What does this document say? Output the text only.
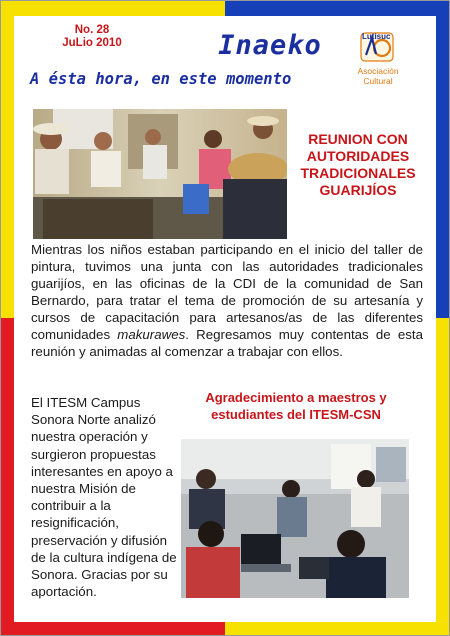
No. 28
JuLio 2010	Inaeko
A ésta hora, en este momento
Lutisuc
Asociación Cultural
REUNION CON AUTORIDADES TRADICIONALES GUARIJÍOS
Mientras los niños estaban participando en el inicio del taller de pintura, tuvimos una junta con las autoridades tradicionales guarijíos, en las oficinas de la CDI de la comunidad de San Bernardo, para tratar el tema de promoción de su artesanía y cursos de capacitación para artesanos/as de las diferentes comunidades makurawes. Regresamos muy contentas de esta reunión y animadas al comenzar a trabajar con ellos.
Agradecimiento a maestros y estudiantes del ITESM-CSN
El ITESM Campus Sonora Norte analizó nuestra operación y surgieron propuestas interesantes en apoyo a nuestra Misión de contribuir a la resignificación, preservación y difusión de la cultura indígena de Sonora. Gracias por su aportación.
